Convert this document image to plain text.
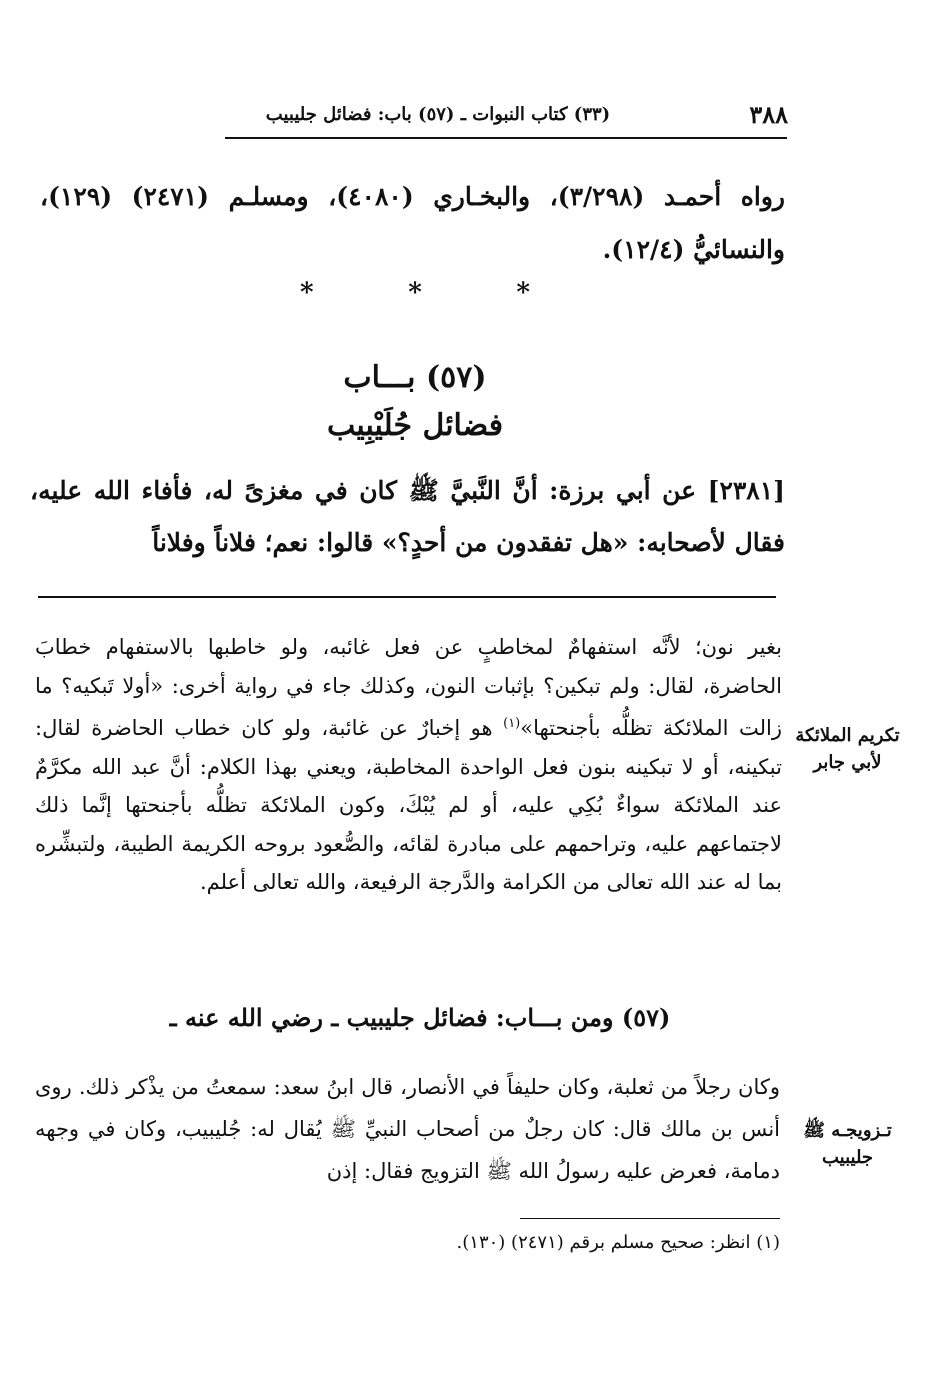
٣٨٨
(٣٣) كتاب النبوات ـ (٥٧) باب: فضائل جليبيب
رواه أحمـد (٣/٢٩٨)، والبخـاري (٤٠٨٠)، ومسلـم (٢٤٧١) (١٢٩)، والنسائيُّ (١٢/٤).
*	*	*
(٥٧) بـــاب
فضائل جُلَيْبِيب
[٢٣٨١] عن أبي برزة: أنَّ النَّبيَّ ﷺ كان في مغزىً له، فأفاء الله عليه، فقال لأصحابه: «هل تفقدون من أحدٍ؟» قالوا: نعم؛ فلاناً وفلاناً
بغير نون؛ لأنَّه استفهامٌ لمخاطبٍ عن فعل غائبه، ولو خاطبها بالاستفهام خطابَ الحاضرة، لقال: ولم تبكين؟ بإثبات النون، وكذلك جاء في رواية أخرى: «أولا تَبكيه؟ ما زالت الملائكة تظلُّه بأجنحتها»$^{(١)}$ هو إخبارٌ عن غائبة، ولو كان خطاب الحاضرة لقال: تبكينه، أو لا تبكينه بنون فعل الواحدة المخاطبة، ويعني بهذا الكلام: أنَّ عبد الله مكرَّمٌ عند الملائكة سواءٌ بُكِي عليه، أو لم يُبْكَ، وكون الملائكة تظلُّه بأجنحتها إنَّما ذلك لاجتماعهم عليه، وتراحمهم على مبادرة لقائه، والصُّعود بروحه الكريمة الطيبة، ولتبشِّره بما له عند الله تعالى من الكرامة والدَّرجة الرفيعة، والله تعالى أعلم.
تكريم الملائكة لأبي جابر
(٥٧) ومن بـــاب: فضائل جليبيب ـ رضي الله عنه ـ
وكان رجلاً من ثعلبة، وكان حليفاً في الأنصار، قال ابنُ سعد: سمعتُ من يذْكر ذلك. روى أنس بن مالك قال: كان رجلٌ من أصحاب النبيِّ ﷺ يُقال له: جُليبيب، وكان في وجهه دمامة، فعرض عليه رسولُ الله ﷺ التزويج فقال: إذن
تـزويجـه ﷺ جليبيب
(١) انظر: صحيح مسلم برقم (٢٤٧١) (١٣٠).
